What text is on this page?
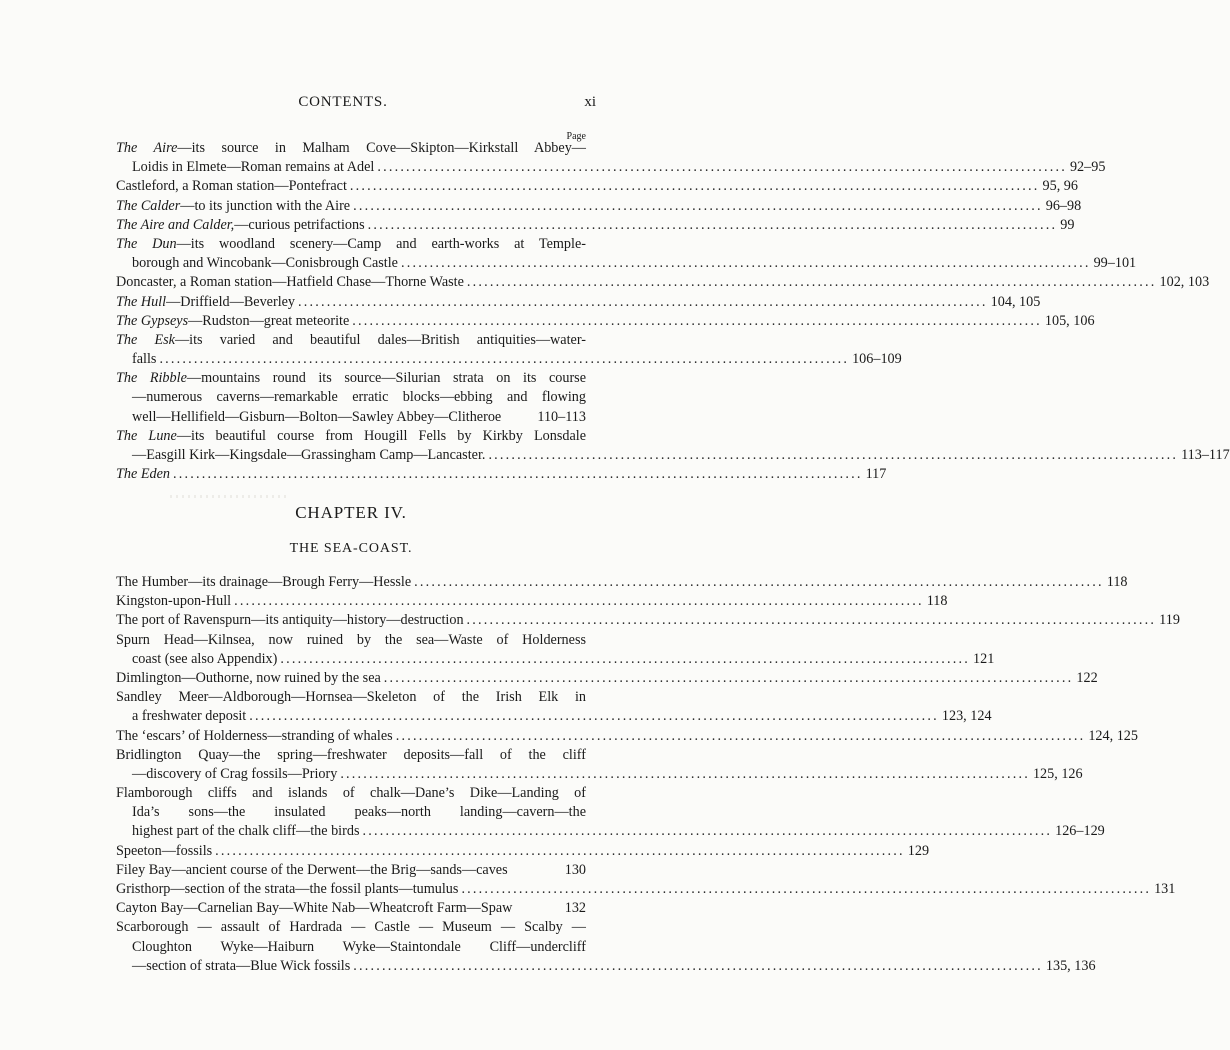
CONTENTS.	xi
Page
The Aire—its source in Malham Cove—Skipton—Kirkstall Abbey—
Loidis in Elmete—Roman remains at Adel ........................................................................................................................ 92–95
Castleford, a Roman station—Pontefract ........................................................................................................................ 95, 96
The Calder—to its junction with the Aire ........................................................................................................................ 96–98
The Aire and Calder,—curious petrifactions ........................................................................................................................ 99
The Dun—its woodland scenery—Camp and earth-works at Temple-
borough and Wincobank—Conisbrough Castle ........................................................................................................................ 99–101
Doncaster, a Roman station—Hatfield Chase—Thorne Waste ........................................................................................................................ 102, 103
The Hull—Driffield—Beverley ........................................................................................................................ 104, 105
The Gypseys—Rudston—great meteorite ........................................................................................................................ 105, 106
The Esk—its varied and beautiful dales—British antiquities—water-
falls ........................................................................................................................ 106–109
The Ribble—mountains round its source—Silurian strata on its course
—numerous caverns—remarkable erratic blocks—ebbing and flowing
well—Hellifield—Gisburn—Bolton—Sawley Abbey—Clitheroe	110–113
The Lune—its beautiful course from Hougill Fells by Kirkby Lonsdale
—Easgill Kirk—Kingsdale—Grassingham Camp—Lancaster. ........................................................................................................................ 113–117
The Eden ........................................................................................................................ 117
CHAPTER IV.
THE SEA-COAST.
The Humber—its drainage—Brough Ferry—Hessle ........................................................................................................................ 118
Kingston-upon-Hull ........................................................................................................................ 118
The port of Ravenspurn—its antiquity—history—destruction ........................................................................................................................ 119
Spurn Head—Kilnsea, now ruined by the sea—Waste of Holderness
coast (see also Appendix) ........................................................................................................................ 121
Dimlington—Outhorne, now ruined by the sea ........................................................................................................................ 122
Sandley Meer—Aldborough—Hornsea—Skeleton of the Irish Elk in
a freshwater deposit ........................................................................................................................ 123, 124
The ‘escars’ of Holderness—stranding of whales ........................................................................................................................ 124, 125
Bridlington Quay—the spring—freshwater deposits—fall of the cliff
—discovery of Crag fossils—Priory ........................................................................................................................ 125, 126
Flamborough cliffs and islands of chalk—Dane’s Dike—Landing of
Ida’s sons—the insulated peaks—north landing—cavern—the
highest part of the chalk cliff—the birds ........................................................................................................................ 126–129
Speeton—fossils ........................................................................................................................ 129
Filey Bay—ancient course of the Derwent—the Brig—sands—caves	130
Gristhorp—section of the strata—the fossil plants—tumulus ........................................................................................................................ 131
Cayton Bay—Carnelian Bay—White Nab—Wheatcroft Farm—Spaw	132
Scarborough — assault of Hardrada — Castle — Museum — Scalby —
Cloughton Wyke—Haiburn Wyke—Staintondale Cliff—undercliff
—section of strata—Blue Wick fossils ........................................................................................................................ 135, 136
